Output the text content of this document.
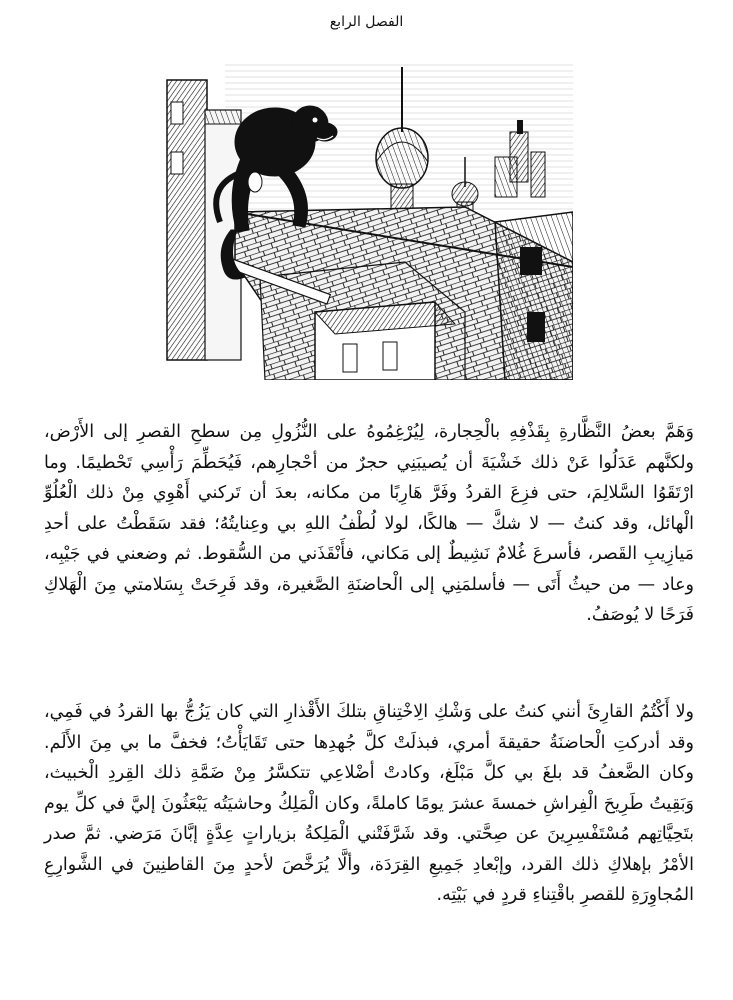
الفصل الرابع
وَهَمَّ بعضُ النَّظَّارةِ بِقَذْفِهِ بالْحِجارة، لِيُرْغِمُوهُ على النُّزُولِ مِن سطحِ القصرِ إلى الأَرْض، ولكنَّهم عَدَلُوا عَنْ ذلك خَشْيَةَ أن يُصيبَنِي حجرٌ من أحْجارِهم، فَيُحَطِّمَ رَأْسِي تَحْطيمًا. وما ارْتَقَوُا السَّلالِمَ، حتى فزِعَ القردُ وفَرَّ هَارِبًا من مكانه، بعدَ أن تَركني أَهْوِي مِنْ ذلك الْعُلُوِّ الْهائل، وقد كنتُ — لا شكَّ — هالكًا، لولا لُطْفُ اللهِ بي وعِنايتُهُ؛ فقد سَقَطْتُ على أحدِ مَيازِيبِ القَصر، فأسرعَ غُلامٌ نَشِيطٌ إلى مَكاني، فأَنْقَذَني من السُّقوط. ثم وضعني في جَيْبِه، وعاد — من حيثُ أَتَى — فأسلمَنِي إلى الْحاضنَةِ الصَّغيرة، وقد فَرِحَتْ بِسَلامتي مِنَ الْهَلاكِ فَرَحًا لا يُوصَفُ.
ولا أَكْتُمُ القارِئَ أنني كنتُ على وَشْكِ الِاخْتِناقِ بتلكَ الأَقْذارِ التي كان يَزُجُّ بها القردُ في فَمِي، وقد أدركتِ الْحاضنَةُ حقيقةَ أمري، فبذلَتْ كلَّ جُهدِها حتى تَقَايَأْتُ؛ فخفَّ ما بي مِنَ الأَلَم. وكان الضَّعفُ قد بلغَ بي كلَّ مَبْلَغ، وكادتْ أضْلاعِي تتكسَّرُ مِنْ ضَمَّةِ ذلك القِردِ الْخبيث، وَبَقِيتُ طَرِيحَ الْفِراشِ خمسةَ عشرَ يومًا كاملةً، وكان الْمَلِكُ وحاشيَتُه يَبْعَثُونَ إليَّ في كلِّ يوم بتَحِيَّاتِهم مُسْتَفْسِرِينَ عن صِحَّتي. وقد شَرَّفَتْني الْمَلِكةُ بزياراتٍ عِدَّةٍ إبَّانَ مَرَضي. ثمَّ صدر الأمْرُ بإهلاكِ ذلك القرد، وإبْعادِ جَمِيعِ القِرَدَة، وألَّا يُرَخَّصَ لأحدٍ مِنَ القاطنِينَ في الشَّوارِعِ المُجاوِرَةِ للقصرِ باقْتِناءِ قردٍ في بَيْتِه.
